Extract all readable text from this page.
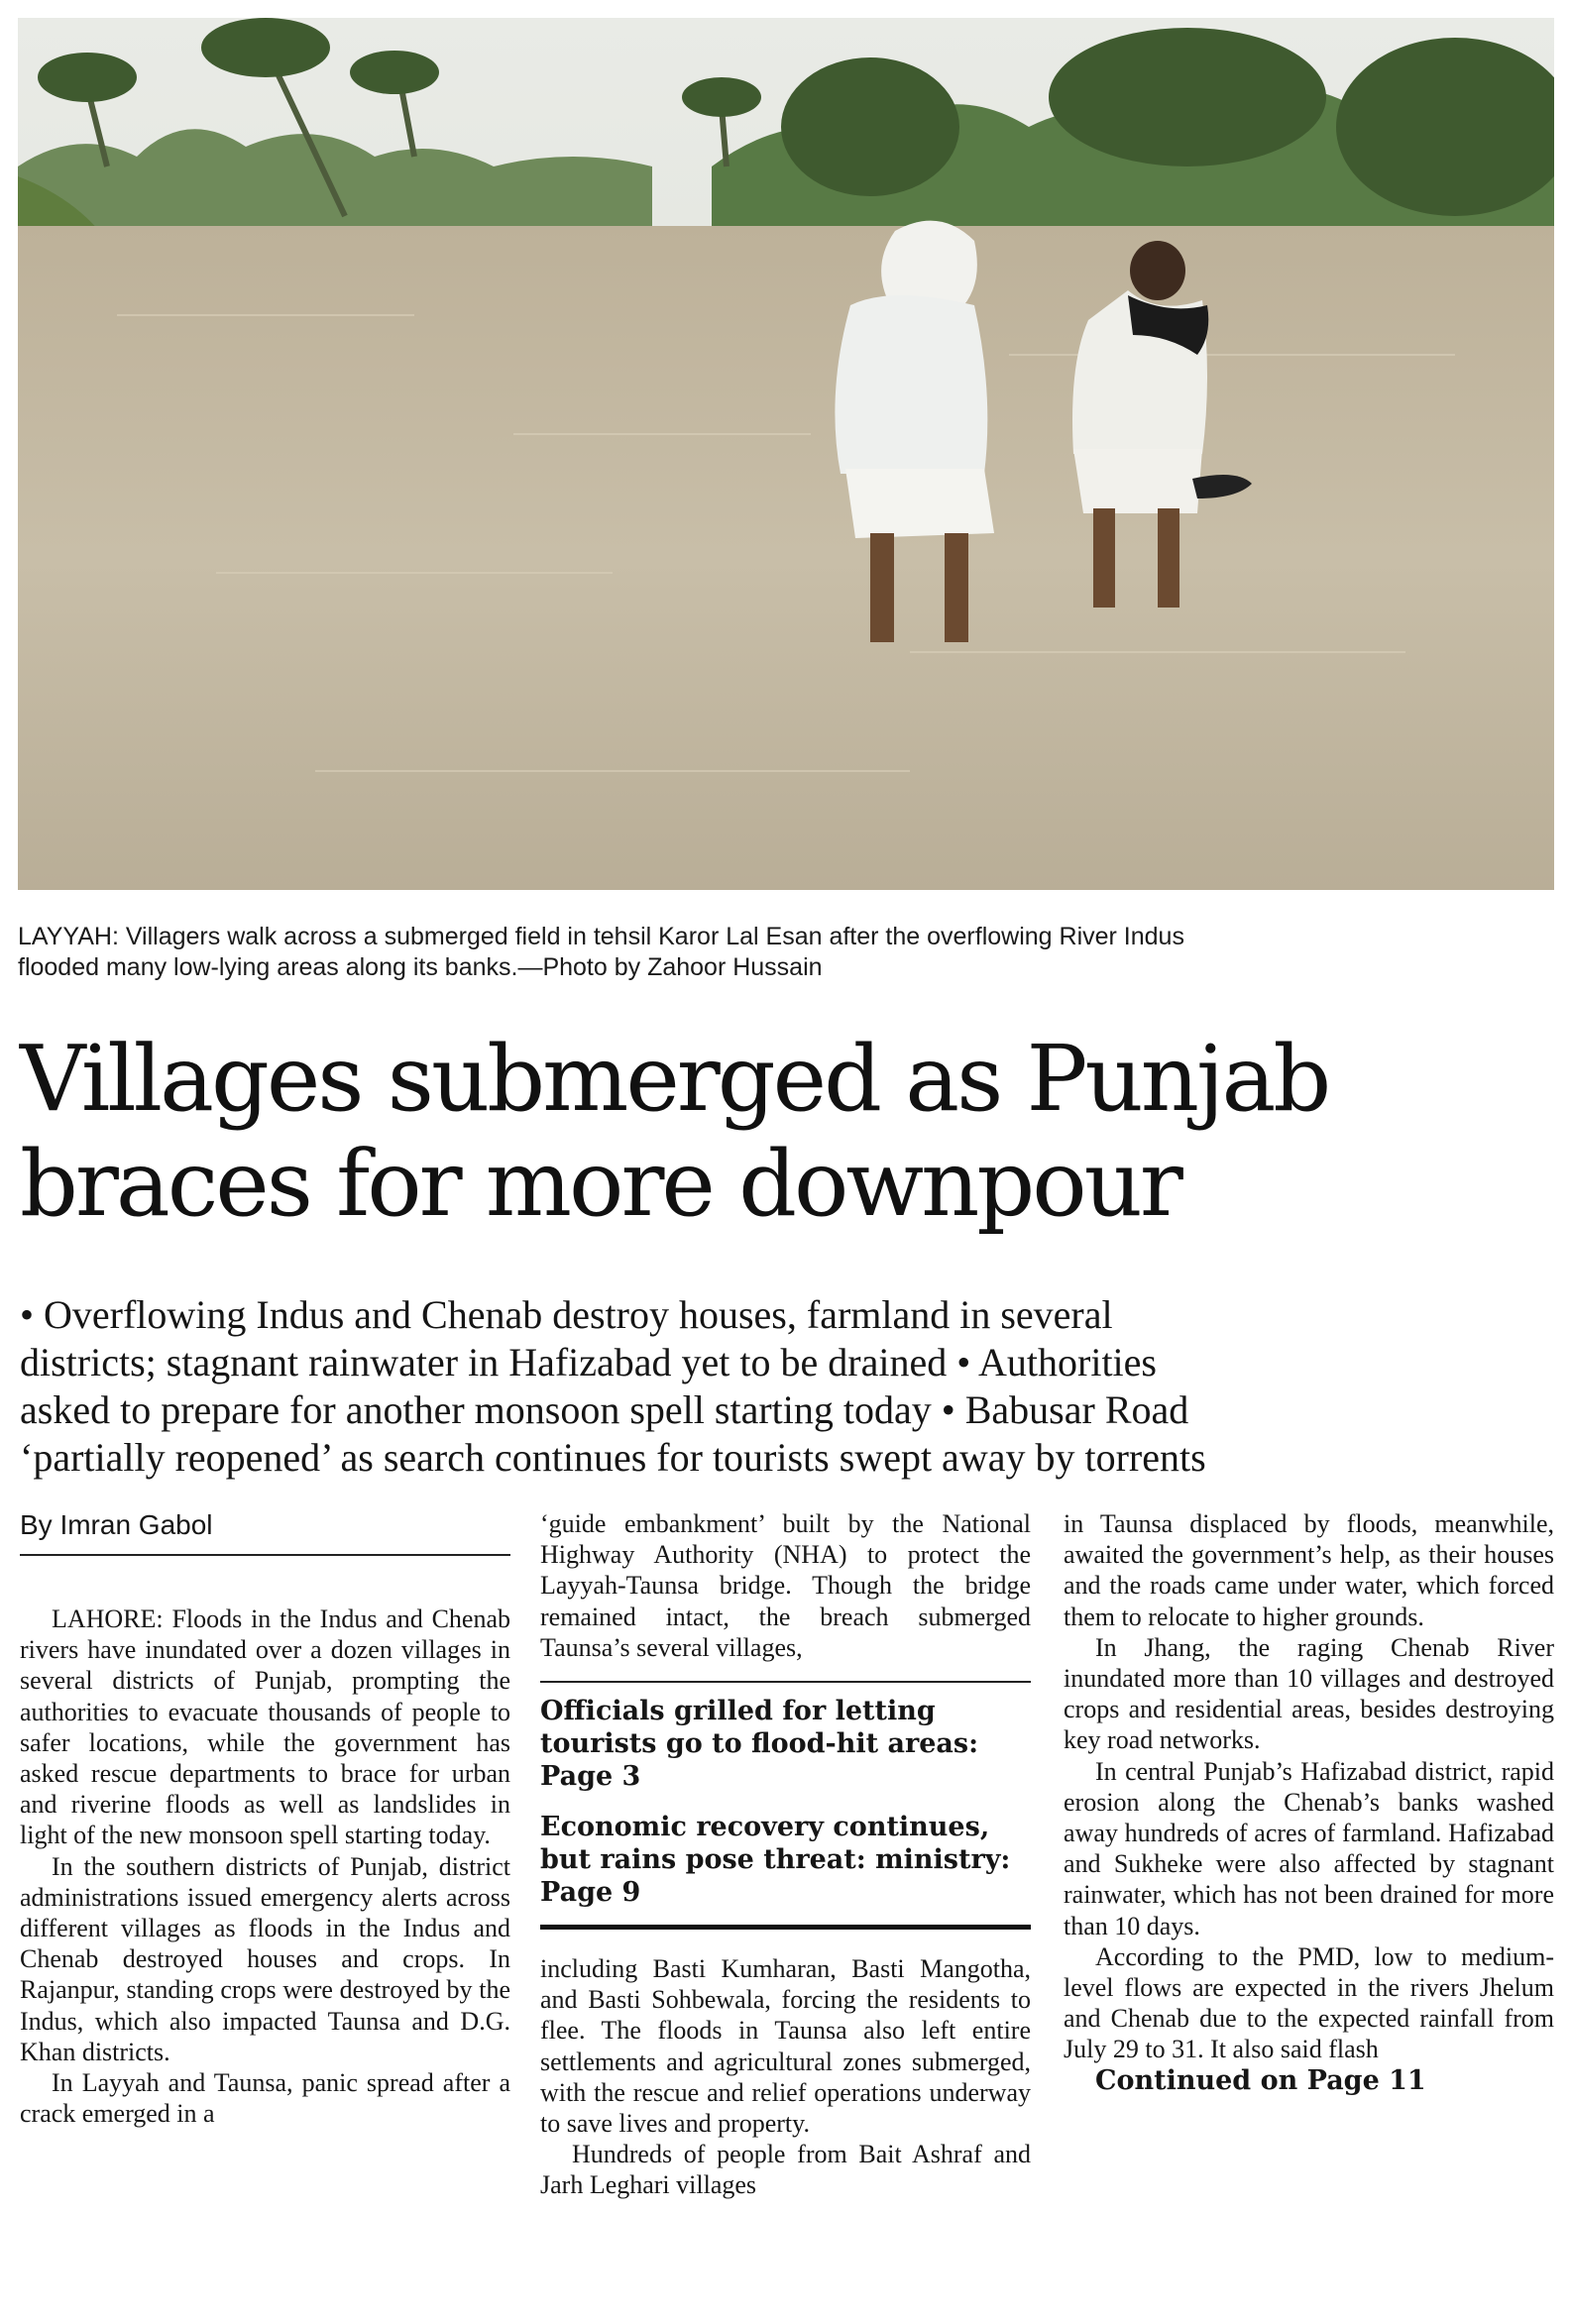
LAYYAH: Villagers walk across a submerged field in tehsil Karor Lal Esan after the overflowing River Indus

flooded many low-lying areas along its banks.—Photo by Zahoor Hussain

Villages submerged as Punjab
braces for more downpour
• Overflowing Indus and Chenab destroy houses, farmland in several
districts; stagnant rainwater in Hafizabad yet to be drained • Authorities
asked to prepare for another monsoon spell starting today • Babusar Road
‘partially reopened’ as search continues for tourists swept away by torrents
By Imran Gabol

LAHORE: Floods in the Indus and Chenab rivers have inundated over a dozen villages in several districts of Punjab, prompting the authorities to evacuate thousands of people to safer locations, while the government has asked rescue departments to brace for urban and riverine floods as well as landslides in light of the new monsoon spell starting today.

In the southern districts of Punjab, district administrations issued emergency alerts across different villages as floods in the Indus and Chenab destroyed houses and crops. In Rajanpur, standing crops were destroyed by the Indus, which also impacted Taunsa and D.G. Khan districts.

In Layyah and Taunsa, panic spread after a crack emerged in a

‘guide embankment’ built by the National Highway Authority (NHA) to protect the Layyah-Taunsa bridge. Though the bridge remained intact, the breach submerged Taunsa’s several villages,

Officials grilled for letting tourists go to flood-hit areas: Page 3

Economic recovery continues, but rains pose threat: ministry: Page 9

including Basti Kumharan, Basti Mangotha, and Basti Sohbewala, forcing the residents to flee. The floods in Taunsa also left entire settlements and agricultural zones submerged, with the rescue and relief operations underway to save lives and property.

Hundreds of people from Bait Ashraf and Jarh Leghari villages

in Taunsa displaced by floods, meanwhile, awaited the government’s help, as their houses and the roads came under water, which forced them to relocate to higher grounds.

In Jhang, the raging Chenab River inundated more than 10 villages and destroyed crops and residential areas, besides destroying key road networks.

In central Punjab’s Hafizabad district, rapid erosion along the Chenab’s banks washed away hundreds of acres of farmland. Hafizabad and Sukheke were also affected by stagnant rainwater, which has not been drained for more than 10 days.

According to the PMD, low to medium-level flows are expected in the rivers Jhelum and Chenab due to the expected rainfall from July 29 to 31. It also said flash

Continued on Page 11
